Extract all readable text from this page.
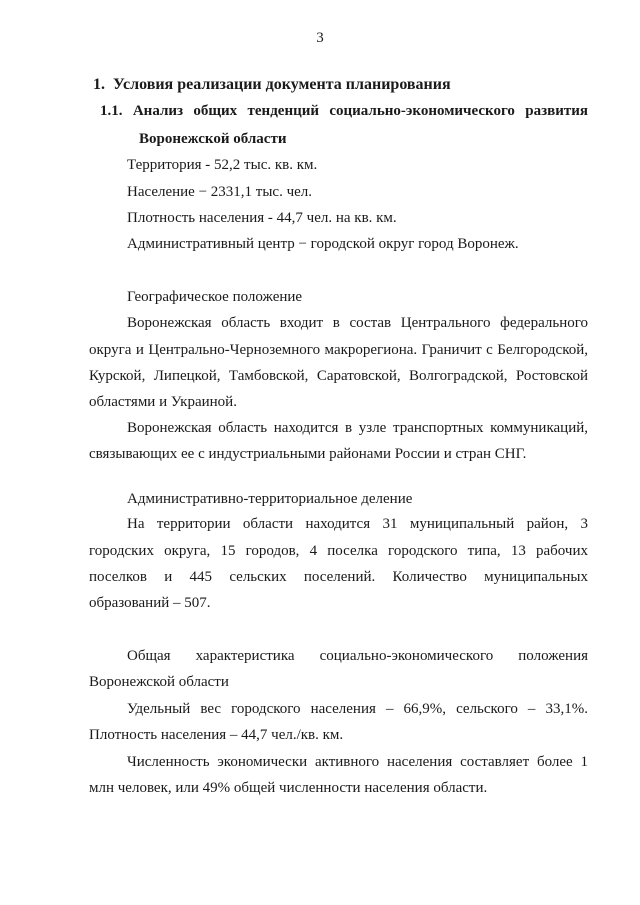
3
1. Условия реализации документа планирования
1.1. Анализ общих тенденций социально-экономического развития
Воронежской области
Территория - 52,2 тыс. кв. км.
Население − 2331,1 тыс. чел.
Плотность населения - 44,7 чел. на кв. км.
Административный центр − городской округ город Воронеж.
Географическое положение
Воронежская область входит в состав Центрального федерального
округа и Центрально-Черноземного макрорегиона. Граничит с Белгородской,
Курской, Липецкой, Тамбовской, Саратовской, Волгоградской, Ростовской
областями и Украиной.
Воронежская область находится в узле транспортных коммуникаций,
связывающих ее с индустриальными районами России и стран СНГ.
Административно-территориальное деление
На территории области находится 31 муниципальный район, 3
городских округа, 15 городов, 4 поселка городского типа, 13 рабочих
поселков и 445 сельских поселений. Количество муниципальных
образований – 507.
Общая характеристика социально-экономического положения
Воронежской области
Удельный вес городского населения – 66,9%, сельского – 33,1%.
Плотность населения – 44,7 чел./кв. км.
Численность экономически активного населения составляет более 1
млн человек, или 49% общей численности населения области.
